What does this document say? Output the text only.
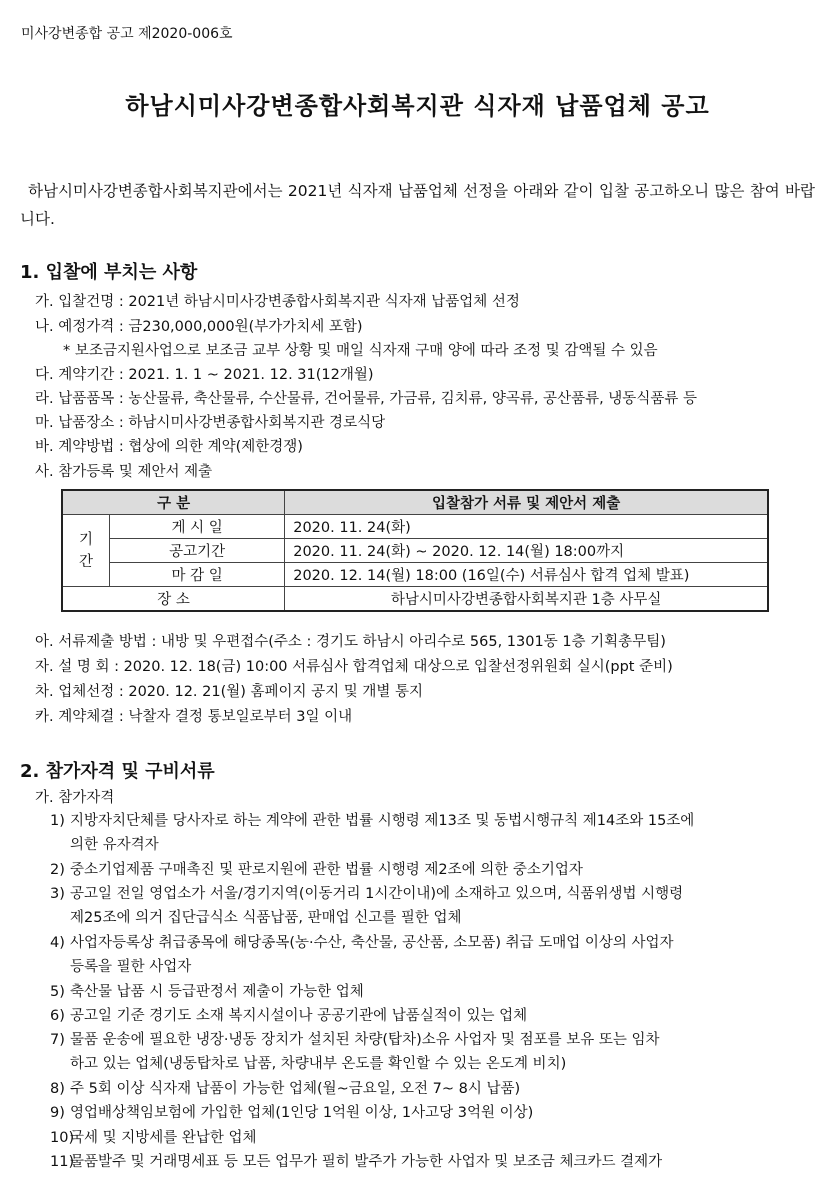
미사강변종합 공고 제2020-006호
하남시미사강변종합사회복지관 식자재 납품업체 공고
하남시미사강변종합사회복지관에서는 2021년 식자재 납품업체 선정을 아래와 같이 입찰 공고하오니 많은 참여 바랍니다.
1. 입찰에 부치는 사항
가. 입찰건명 : 2021년 하남시미사강변종합사회복지관 식자재 납품업체 선정
나. 예정가격 : 금230,000,000원(부가가치세 포함)
* 보조금지원사업으로 보조금 교부 상황 및 매일 식자재 구매 양에 따라 조정 및 감액될 수 있음
다. 계약기간 : 2021. 1. 1 ~ 2021. 12. 31(12개월)
라. 납품품목 : 농산물류, 축산물류, 수산물류, 건어물류, 가금류, 김치류, 양곡류, 공산품류, 냉동식품류 등
마. 납품장소 : 하남시미사강변종합사회복지관 경로식당
바. 계약방법 : 협상에 의한 계약(제한경쟁)
사. 참가등록 및 제안서 제출
구 분		입찰참가 서류 및 제안서 제출
기
간	게 시 일	2020. 11. 24(화)
	공고기간	2020. 11. 24(화) ~ 2020. 12. 14(월) 18:00까지
	마 감 일	2020. 12. 14(월) 18:00 (16일(수) 서류심사 합격 업체 발표)
장 소		하남시미사강변종합사회복지관 1층 사무실
아. 서류제출 방법 : 내방 및 우편접수(주소 : 경기도 하남시 아리수로 565, 1301동 1층 기획총무팀)
자. 설 명 회 : 2020. 12. 18(금) 10:00 서류심사 합격업체 대상으로 입찰선정위원회 실시(ppt 준비)
차. 업체선정 : 2020. 12. 21(월) 홈페이지 공지 및 개별 통지
카. 계약체결 : 낙찰자 결정 통보일로부터 3일 이내
2. 참가자격 및 구비서류
가. 참가자격
1) 지방자치단체를 당사자로 하는 계약에 관한 법률 시행령 제13조 및 동법시행규칙 제14조와 15조에
의한 유자격자
2) 중소기업제품 구매촉진 및 판로지원에 관한 법률 시행령 제2조에 의한 중소기업자
3) 공고일 전일 영업소가 서울/경기지역(이동거리 1시간이내)에 소재하고 있으며, 식품위생법 시행령
제25조에 의거 집단급식소 식품납품, 판매업 신고를 필한 업체
4) 사업자등록상 취급종목에 해당종목(농·수산, 축산물, 공산품, 소모품) 취급 도매업 이상의 사업자
등록을 필한 사업자
5) 축산물 납품 시 등급판정서 제출이 가능한 업체
6) 공고일 기준 경기도 소재 복지시설이나 공공기관에 납품실적이 있는 업체
7) 물품 운송에 필요한 냉장·냉동 장치가 설치된 차량(탑차)소유 사업자 및 점포를 보유 또는 임차
하고 있는 업체(냉동탑차로 납품, 차량내부 온도를 확인할 수 있는 온도계 비치)
8) 주 5회 이상 식자재 납품이 가능한 업체(월~금요일, 오전 7~ 8시 납품)
9) 영업배상책임보험에 가입한 업체(1인당 1억원 이상, 1사고당 3억원 이상)
10)국세 및 지방세를 완납한 업체
11)물품발주 및 거래명세표 등 모든 업무가 필히 발주가 가능한 사업자 및 보조금 체크카드 결제가
